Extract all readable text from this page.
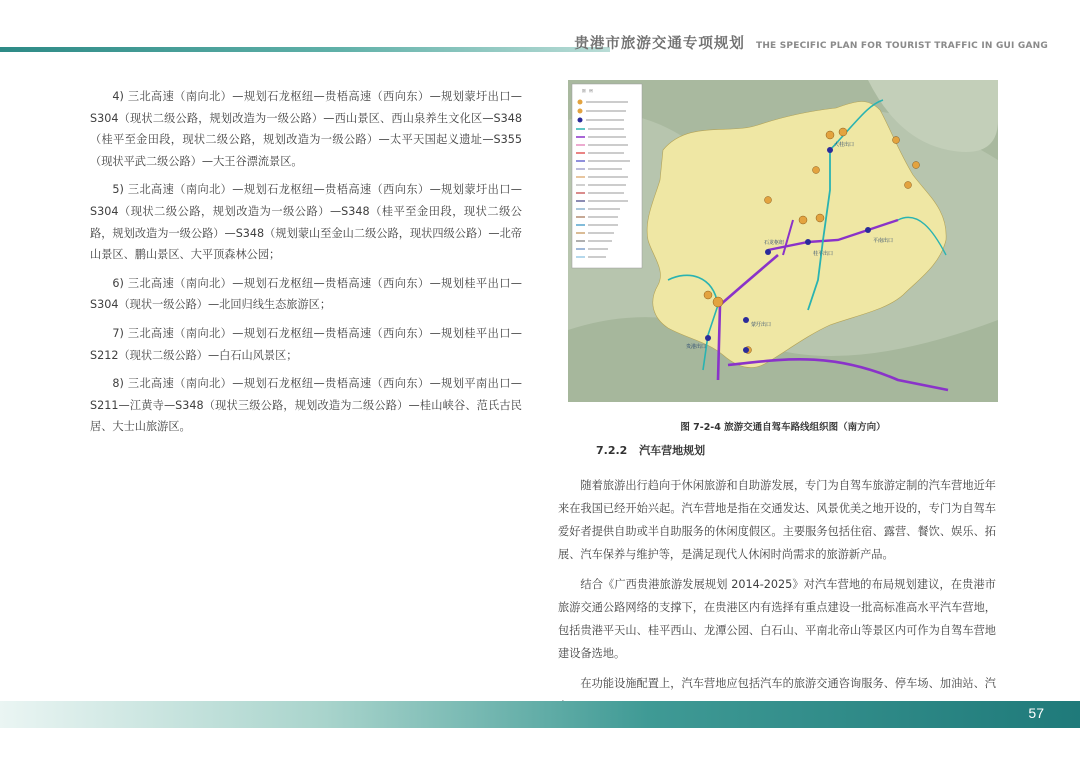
贵港市旅游交通专项规划 THE SPECIFIC PLAN FOR TOURIST TRAFFIC IN GUI GANG

4) 三北高速（南向北）—规划石龙枢纽—贵梧高速（西向东）—规划蒙圩出口—S304（现状二级公路，规划改造为一级公路）—西山景区、西山泉养生文化区—S348（桂平至金田段，现状二级公路，规划改造为一级公路）—太平天国起义遗址—S355（现状平武二级公路）—大王谷漂流景区。

5) 三北高速（南向北）—规划石龙枢纽—贵梧高速（西向东）—规划蒙圩出口—S304（现状二级公路，规划改造为一级公路）—S348（桂平至金田段，现状二级公路，规划改造为一级公路）—S348（规划蒙山至金山二级公路，现状四级公路）—北帝山景区、鹏山景区、大平顶森林公园；

6) 三北高速（南向北）—规划石龙枢纽—贵梧高速（西向东）—规划桂平出口—S304（现状一级公路）—北回归线生态旅游区；

7) 三北高速（南向北）—规划石龙枢纽—贵梧高速（西向东）—规划桂平出口—S212（现状二级公路）—白石山风景区；

8) 三北高速（南向北）—规划石龙枢纽—贵梧高速（西向东）—规划平南出口—S211—江黄寺—S348（现状三级公路，规划改造为二级公路）—桂山峡谷、范氏古民居、大士山旅游区。

大桂出口
石龙枢纽
桂平出口
平南出口
蒙圩出口
贵港出口
图　例
图 7-2-4 旅游交通自驾车路线组织图（南方向）
7.2.2 汽车营地规划

随着旅游出行趋向于休闲旅游和自助游发展，专门为自驾车旅游定制的汽车营地近年来在我国已经开始兴起。汽车营地是指在交通发达、风景优美之地开设的，专门为自驾车爱好者提供自助或半自助服务的休闲度假区。主要服务包括住宿、露营、餐饮、娱乐、拓展、汽车保养与维护等，是满足现代人休闲时尚需求的旅游新产品。

结合《广西贵港旅游发展规划 2014-2025》对汽车营地的布局规划建议，在贵港市旅游交通公路网络的支撑下，在贵港区内有选择有重点建设一批高标准高水平汽车营地，包括贵港平天山、桂平西山、龙潭公园、白石山、平南北帝山等景区内可作为自驾车营地建设备选地。

在功能设施配置上，汽车营地应包括汽车的旅游交通咨询服务、停车场、加油站、汽

57
